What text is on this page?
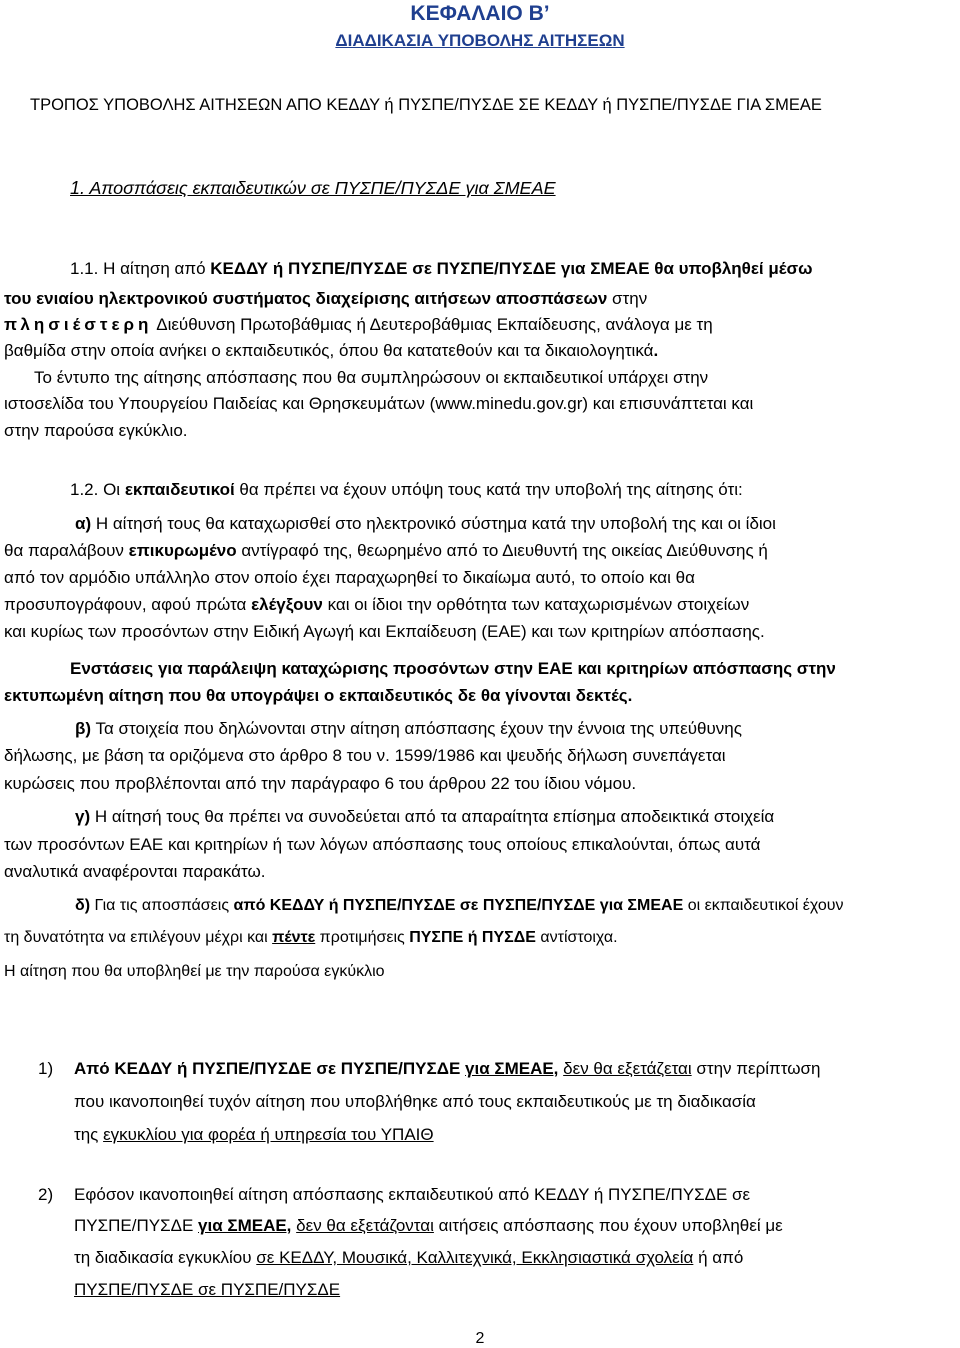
ΚΕΦΑΛΑΙΟ Β’
ΔΙΑΔΙΚΑΣΙΑ ΥΠΟΒΟΛΗΣ ΑΙΤΗΣΕΩΝ
ΤΡΟΠΟΣ ΥΠΟΒΟΛΗΣ ΑΙΤΗΣΕΩΝ ΑΠΟ ΚΕΔΔΥ ή ΠΥΣΠΕ/ΠΥΣΔΕ ΣΕ ΚΕΔΔΥ ή ΠΥΣΠΕ/ΠΥΣΔΕ ΓΙΑ ΣΜΕΑΕ
1. Αποσπάσεις εκπαιδευτικών σε ΠΥΣΠΕ/ΠΥΣΔΕ για ΣΜΕΑΕ
1.1. Η αίτηση από ΚΕΔΔΥ ή ΠΥΣΠΕ/ΠΥΣΔΕ σε ΠΥΣΠΕ/ΠΥΣΔΕ για ΣΜΕΑΕ θα υποβληθεί μέσω
του ενιαίου ηλεκτρονικού συστήματος διαχείρισης αιτήσεων αποσπάσεων στην
πλησιέστερη Διεύθυνση Πρωτοβάθμιας ή Δευτεροβάθμιας Εκπαίδευσης, ανάλογα με τη
βαθμίδα στην οποία ανήκει ο εκπαιδευτικός, όπου θα κατατεθούν και τα δικαιολογητικά.
Το έντυπο της αίτησης απόσπασης που θα συμπληρώσουν οι εκπαιδευτικοί υπάρχει στην
ιστοσελίδα του Υπουργείου Παιδείας και Θρησκευμάτων (www.minedu.gov.gr) και επισυνάπτεται και
στην παρούσα εγκύκλιο.
1.2. Οι εκπαιδευτικοί θα πρέπει να έχουν υπόψη τους κατά την υποβολή της αίτησης ότι:
α) Η αίτησή τους θα καταχωρισθεί στο ηλεκτρονικό σύστημα κατά την υποβολή της και οι ίδιοι
θα παραλάβουν επικυρωμένο αντίγραφό της, θεωρημένο από το Διευθυντή της οικείας Διεύθυνσης ή
από τον αρμόδιο υπάλληλο στον οποίο έχει παραχωρηθεί το δικαίωμα αυτό, το οποίο και θα
προσυπογράφουν, αφού πρώτα ελέγξουν και οι ίδιοι την ορθότητα των καταχωρισμένων στοιχείων
και κυρίως των προσόντων στην Ειδική Αγωγή και Εκπαίδευση (ΕΑΕ) και των κριτηρίων απόσπασης.
Ενστάσεις για παράλειψη καταχώρισης προσόντων στην ΕΑΕ και κριτηρίων απόσπασης στην
εκτυπωμένη αίτηση που θα υπογράψει ο εκπαιδευτικός δε θα γίνονται δεκτές.
β) Τα στοιχεία που δηλώνονται στην αίτηση απόσπασης έχουν την έννοια της υπεύθυνης
δήλωσης, με βάση τα οριζόμενα στο άρθρο 8 του ν. 1599/1986 και ψευδής δήλωση συνεπάγεται
κυρώσεις που προβλέπονται από την παράγραφο 6 του άρθρου 22 του ίδιου νόμου.
γ) Η αίτησή τους θα πρέπει να συνοδεύεται από τα απαραίτητα επίσημα αποδεικτικά στοιχεία
των προσόντων ΕΑΕ και κριτηρίων ή των λόγων απόσπασης τους οποίους επικαλούνται, όπως αυτά
αναλυτικά αναφέρονται παρακάτω.
δ) Για τις αποσπάσεις από ΚΕΔΔΥ ή ΠΥΣΠΕ/ΠΥΣΔΕ σε ΠΥΣΠΕ/ΠΥΣΔΕ για ΣΜΕΑΕ οι εκπαιδευτικοί έχουν
τη δυνατότητα να επιλέγουν μέχρι και πέντε προτιμήσεις ΠΥΣΠΕ ή ΠΥΣΔΕ αντίστοιχα.
Η αίτηση που θα υποβληθεί με την παρούσα εγκύκλιο
1) Από ΚΕΔΔΥ ή ΠΥΣΠΕ/ΠΥΣΔΕ σε ΠΥΣΠΕ/ΠΥΣΔΕ για ΣΜΕΑΕ, δεν θα εξετάζεται στην περίπτωση
που ικανοποιηθεί τυχόν αίτηση που υποβλήθηκε από τους εκπαιδευτικούς με τη διαδικασία
της εγκυκλίου για φορέα ή υπηρεσία του ΥΠΑΙΘ
2) Εφόσον ικανοποιηθεί αίτηση απόσπασης εκπαιδευτικού από ΚΕΔΔΥ ή ΠΥΣΠΕ/ΠΥΣΔΕ σε
ΠΥΣΠΕ/ΠΥΣΔΕ για ΣΜΕΑΕ, δεν θα εξετάζονται αιτήσεις απόσπασης που έχουν υποβληθεί με
τη διαδικασία εγκυκλίου σε ΚΕΔΔΥ, Μουσικά, Καλλιτεχνικά, Εκκλησιαστικά σχολεία ή από
ΠΥΣΠΕ/ΠΥΣΔΕ σε ΠΥΣΠΕ/ΠΥΣΔΕ
2
